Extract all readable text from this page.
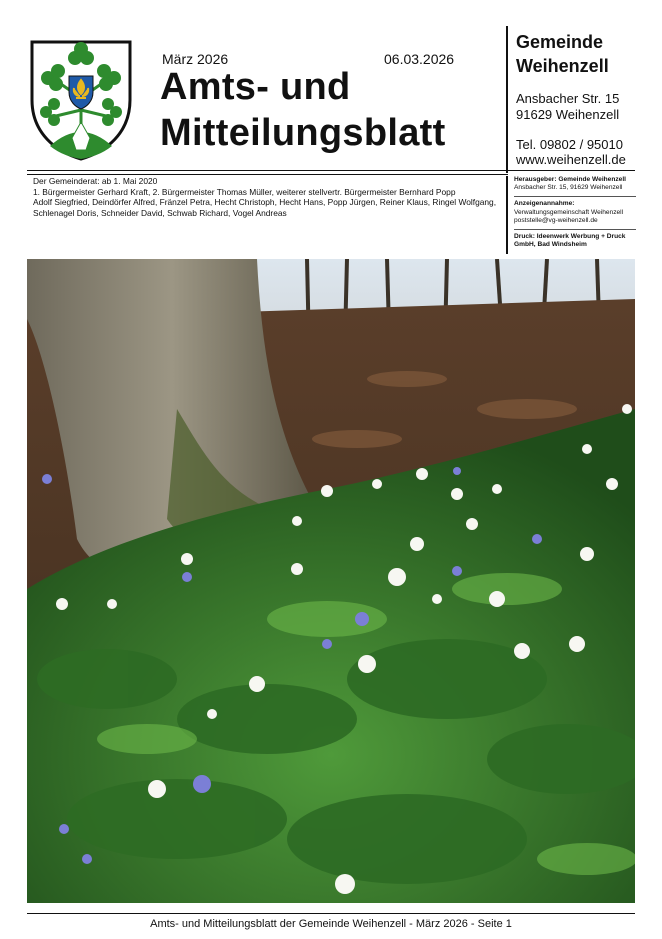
März 2026	06.03.2026
Amts- und
Mitteilungsblatt
Gemeinde
Weihenzell
Ansbacher Str. 15
91629 Weihenzell
Tel. 09802 / 95010
www.weihenzell.de
Der Gemeinderat: ab 1. Mai 2020
1. Bürgermeister Gerhard Kraft, 2. Bürgermeister Thomas Müller, weiterer stellvertr. Bürgermeister Bernhard Popp
Adolf Siegfried, Deindörfer Alfred, Fränzel Petra, Hecht Christoph, Hecht Hans, Popp Jürgen, Reiner Klaus, Ringel Wolfgang,
Schlenagel Doris, Schneider David, Schwab Richard, Vogel Andreas
Herausgeber: Gemeinde Weihenzell
Ansbacher Str. 15, 91629 Weihenzell
Anzeigenannahme:
Verwaltungsgemeinschaft Weihenzell
poststelle@vg-weihenzell.de
Druck: Ideenwerk Werbung + Druck
GmbH, Bad Windsheim
Amts- und Mitteilungsblatt der Gemeinde Weihenzell - März 2026 - Seite 1
